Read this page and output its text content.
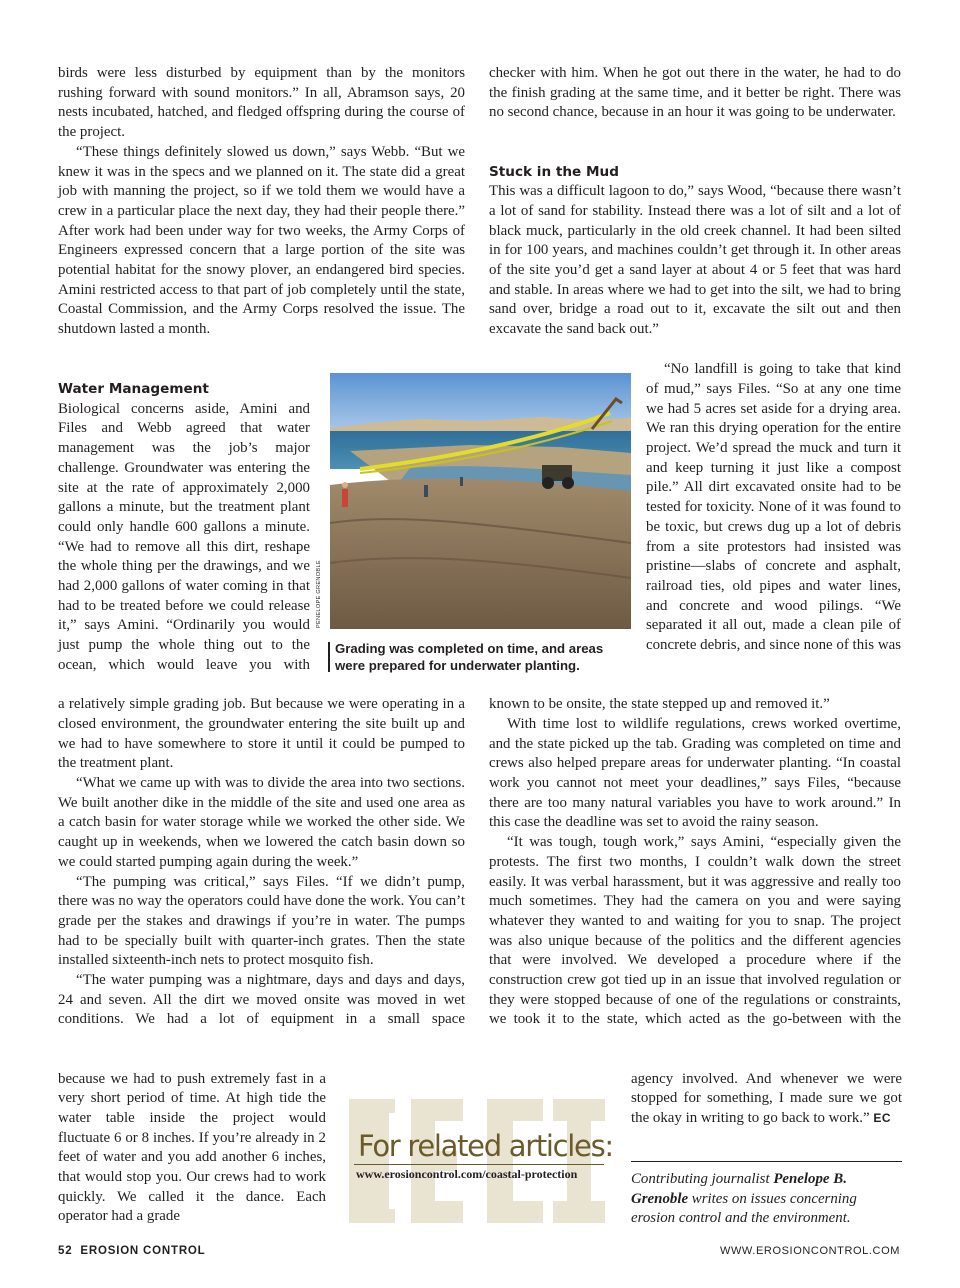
birds were less disturbed by equipment than by the monitors rushing forward with sound monitors.” In all, Abramson says, 20 nests incubated, hatched, and fledged offspring during the course of the project.

“These things definitely slowed us down,” says Webb. “But we knew it was in the specs and we planned on it. The state did a great job with manning the project, so if we told them we would have a crew in a particular place the next day, they had their people there.” After work had been under way for two weeks, the Army Corps of Engineers expressed concern that a large portion of the site was potential habitat for the snowy plover, an endangered bird species. Amini restricted access to that part of job completely until the state, Coastal Commission, and the Army Corps resolved the issue. The shutdown lasted a month.

Water Management

Biological concerns aside, Amini and Files and Webb agreed that water management was the job’s major challenge. Groundwater was entering the site at the rate of approximately 2,000 gallons a minute, but the treatment plant could only handle 600 gallons a minute. “We had to remove all this dirt, reshape the whole thing per the drawings, and we had 2,000 gallons of water coming in that had to be treated before we could release it,” says Amini. “Ordinarily you would just pump the whole thing out to the ocean, which would leave you with

a relatively simple grading job. But because we were operating in a closed environment, the groundwater entering the site built up and we had to have somewhere to store it until it could be pumped to the treatment plant.

“What we came up with was to divide the area into two sections. We built another dike in the middle of the site and used one area as a catch basin for water storage while we worked the other side. We caught up in weekends, when we lowered the catch basin down so we could started pumping again during the week.”

“The pumping was critical,” says Files. “If we didn’t pump, there was no way the operators could have done the work. You can’t grade per the stakes and drawings if you’re in water. The pumps had to be specially built with quarter-inch grates. Then the state installed sixteenth-inch nets to protect mosquito fish.

“The water pumping was a nightmare, days and days and days, 24 and seven. All the dirt we moved onsite was moved in wet conditions. We had a lot of equipment in a small space

because we had to push extremely fast in a very short period of time. At high tide the water table inside the project would fluctuate 6 or 8 inches. If you’re already in 2 feet of water and you add another 6 inches, that would stop you. Our crews had to work quickly. We called it the dance. Each operator had a grade

checker with him. When he got out there in the water, he had to do the finish grading at the same time, and it better be right. There was no second chance, because in an hour it was going to be underwater.

Stuck in the Mud

This was a difficult lagoon to do,” says Wood, “because there wasn’t a lot of sand for stability. Instead there was a lot of silt and a lot of black muck, particularly in the old creek channel. It had been silted in for 100 years, and machines couldn’t get through it. In other areas of the site you’d get a sand layer at about 4 or 5 feet that was hard and stable. In areas where we had to get into the silt, we had to bring sand over, bridge a road out to it, excavate the silt out and then excavate the sand back out.”

“No landfill is going to take that kind of mud,” says Files. “So at any one time we had 5 acres set aside for a drying area. We ran this drying operation for the entire project. We’d spread the muck and turn it and keep turning it just like a compost pile.” All dirt excavated onsite had to be tested for toxicity. None of it was found to be toxic, but crews dug up a lot of debris from a site protestors had insisted was pristine—slabs of concrete and asphalt, railroad ties, old pipes and water lines, and concrete and wood pilings. “We separated it all out, made a clean pile of concrete debris, and since none of this was

known to be onsite, the state stepped up and removed it.”

With time lost to wildlife regulations, crews worked overtime, and the state picked up the tab. Grading was completed on time and crews also helped prepare areas for underwater planting. “In coastal work you cannot not meet your deadlines,” says Files, “because there are too many natural variables you have to work around.” In this case the deadline was set to avoid the rainy season.

“It was tough, tough work,” says Amini, “especially given the protests. The first two months, I couldn’t walk down the street easily. It was verbal harassment, but it was aggressive and really too much sometimes. They had the camera on you and were saying whatever they wanted to and waiting for you to snap. The project was also unique because of the politics and the different agencies that were involved. We developed a procedure where if the construction crew got tied up in an issue that involved regulation or they were stopped because of one of the regulations or constraints, we took it to the state, which acted as the go-between with the

agency involved. And whenever we were stopped for something, I made sure we got the okay in writing to go back to work.” EC

PENELOPE GRENOBLE

Grading was completed on time, and areas were prepared for underwater planting.

For related articles:

www.erosioncontrol.com/coastal-protection	Contributing journalist Penelope B. Grenoble writes on issues concerning erosion control and the environment.

52 EROSION CONTROL	WWW.EROSIONCONTROL.COM
